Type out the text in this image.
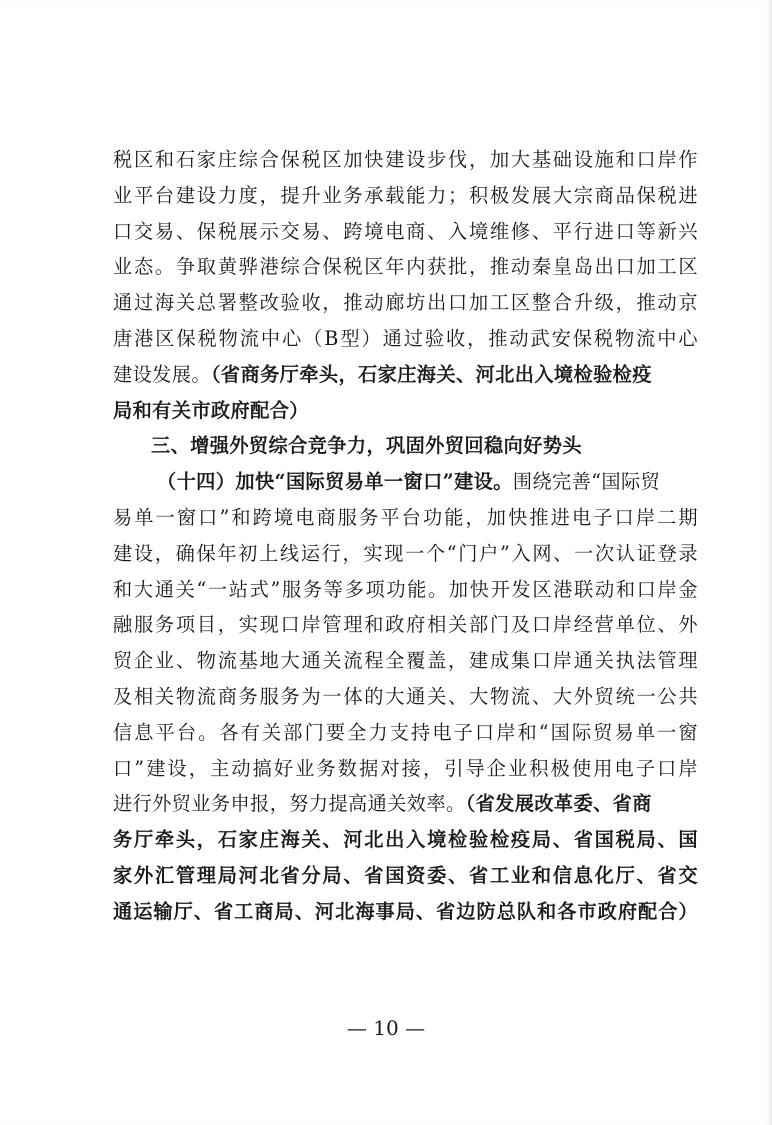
税区和石家庄综合保税区加快建设步伐，加大基础设施和口岸作
业平台建设力度，提升业务承载能力；积极发展大宗商品保税进
口交易、保税展示交易、跨境电商、入境维修、平行进口等新兴
业态。争取黄骅港综合保税区年内获批，推动秦皇岛出口加工区
通过海关总署整改验收，推动廊坊出口加工区整合升级，推动京
唐港区保税物流中心（B型）通过验收，推动武安保税物流中心
建设发展。（省商务厅牵头，石家庄海关、河北出入境检验检疫
局和有关市政府配合）
三、增强外贸综合竞争力，巩固外贸回稳向好势头
（十四）加快“国际贸易单一窗口”建设。围绕完善“国际贸
易单一窗口”和跨境电商服务平台功能，加快推进电子口岸二期
建设，确保年初上线运行，实现一个“门户”入网、一次认证登录
和大通关“一站式”服务等多项功能。加快开发区港联动和口岸金
融服务项目，实现口岸管理和政府相关部门及口岸经营单位、外
贸企业、物流基地大通关流程全覆盖，建成集口岸通关执法管理
及相关物流商务服务为一体的大通关、大物流、大外贸统一公共
信息平台。各有关部门要全力支持电子口岸和“国际贸易单一窗
口”建设，主动搞好业务数据对接，引导企业积极使用电子口岸
进行外贸业务申报，努力提高通关效率。（省发展改革委、省商
务厅牵头，石家庄海关、河北出入境检验检疫局、省国税局、国
家外汇管理局河北省分局、省国资委、省工业和信息化厅、省交
通运输厅、省工商局、河北海事局、省边防总队和各市政府配合）
— 10 —
